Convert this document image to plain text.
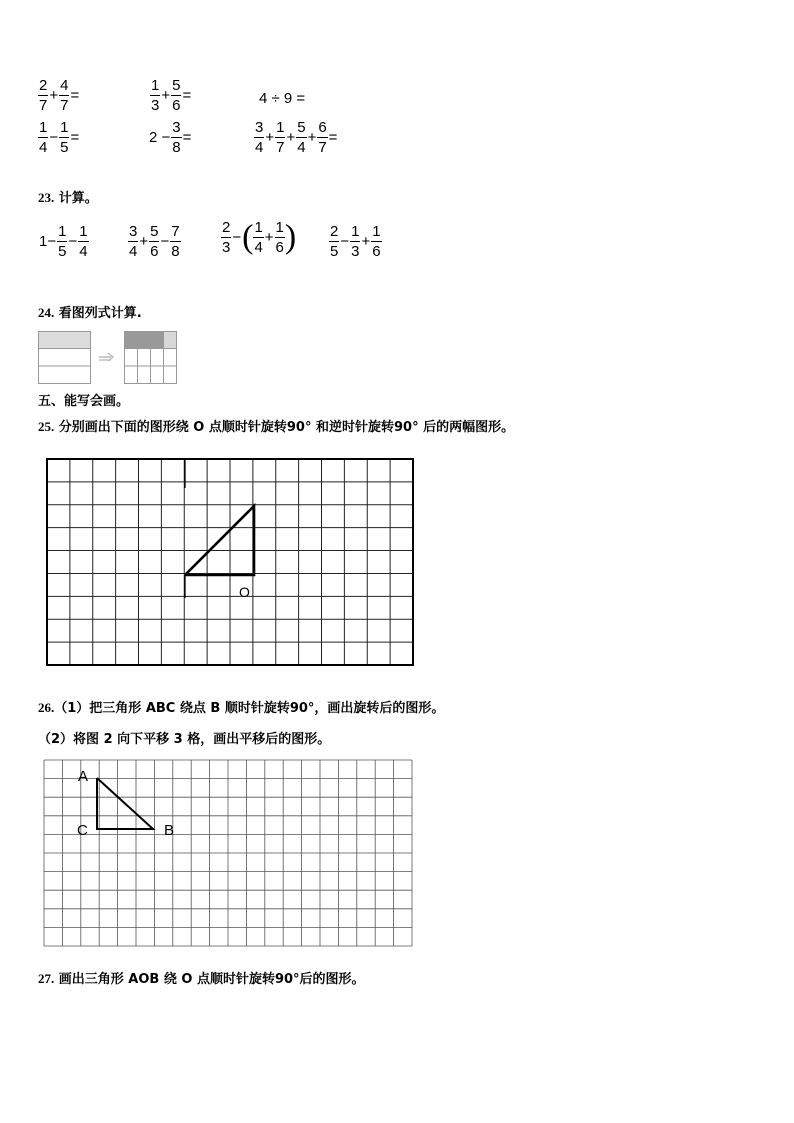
$\frac{2}{7} + \frac{4}{7}$ =	$\frac{1}{3} + \frac{5}{6}$ =	4 ÷ 9 =
$\frac{1}{4} - \frac{1}{5}$ =	$2 - \frac{3}{8}$ =	$\frac{3}{4} + \frac{1}{7} + \frac{5}{4} + \frac{6}{7}$ =
23. 计算。
$1- \frac{1}{5} - \frac{1}{4}$	$\frac{3}{4} + \frac{5}{6} - \frac{7}{8}$	$\frac{2}{3}$ −( $\frac{1}{4} + \frac{1}{6}$ ) $\frac{2}{5} - \frac{1}{3} + \frac{1}{6}$
24. 看图列式计算.
五、能写会画。
25. 分别画出下面的图形绕 O 点顺时针旋转90° 和逆时针旋转90° 后的两幅图形。
O
26.（1）把三角形 ABC 绕点 B 顺时针旋转90°，画出旋转后的图形。
（2）将图 2 向下平移 3 格，画出平移后的图形。
A
C	B
27. 画出三角形 AOB 绕 O 点顺时针旋转90°后的图形。
